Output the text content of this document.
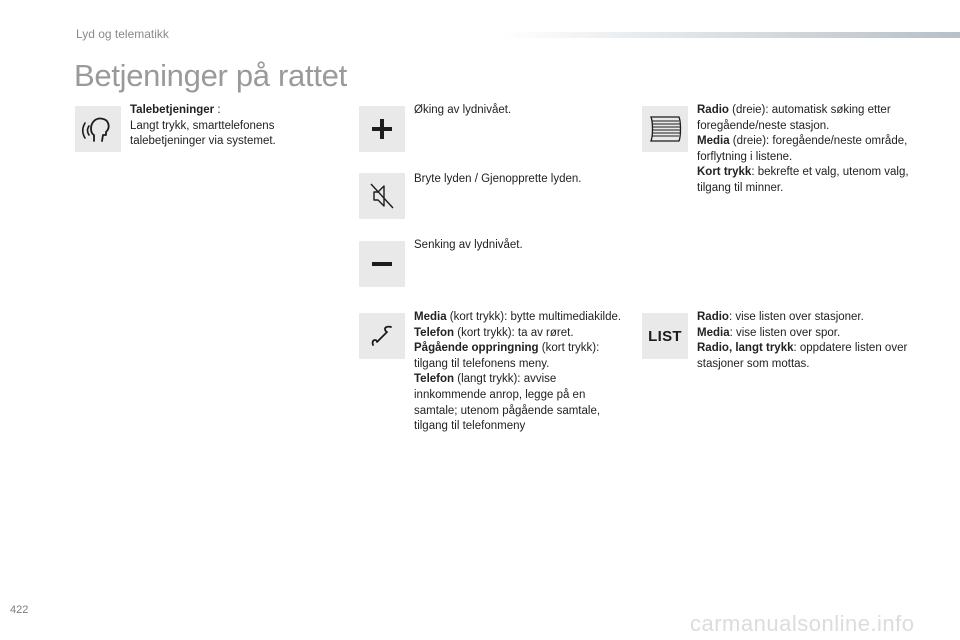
Lyd og telematikk
Betjeninger på rattet
Talebetjeninger :
Langt trykk, smarttelefonens talebetjeninger via systemet.
Øking av lydnivået.
Bryte lyden / Gjenopprette lyden.
Senking av lydnivået.
Media (kort trykk): bytte multimediakilde.
Telefon (kort trykk): ta av røret.
Pågående oppringning (kort trykk): tilgang til telefonens meny.
Telefon (langt trykk): avvise innkommende anrop, legge på en samtale; utenom pågående samtale, tilgang til telefonmeny
Radio (dreie): automatisk søking etter foregående/neste stasjon.
Media (dreie): foregående/neste område, forflytning i listene.
Kort trykk: bekrefte et valg, utenom valg, tilgang til minner.
LIST
Radio: vise listen over stasjoner.
Media: vise listen over spor.
Radio, langt trykk: oppdatere listen over stasjoner som mottas.
422
carmanualsonline.info
